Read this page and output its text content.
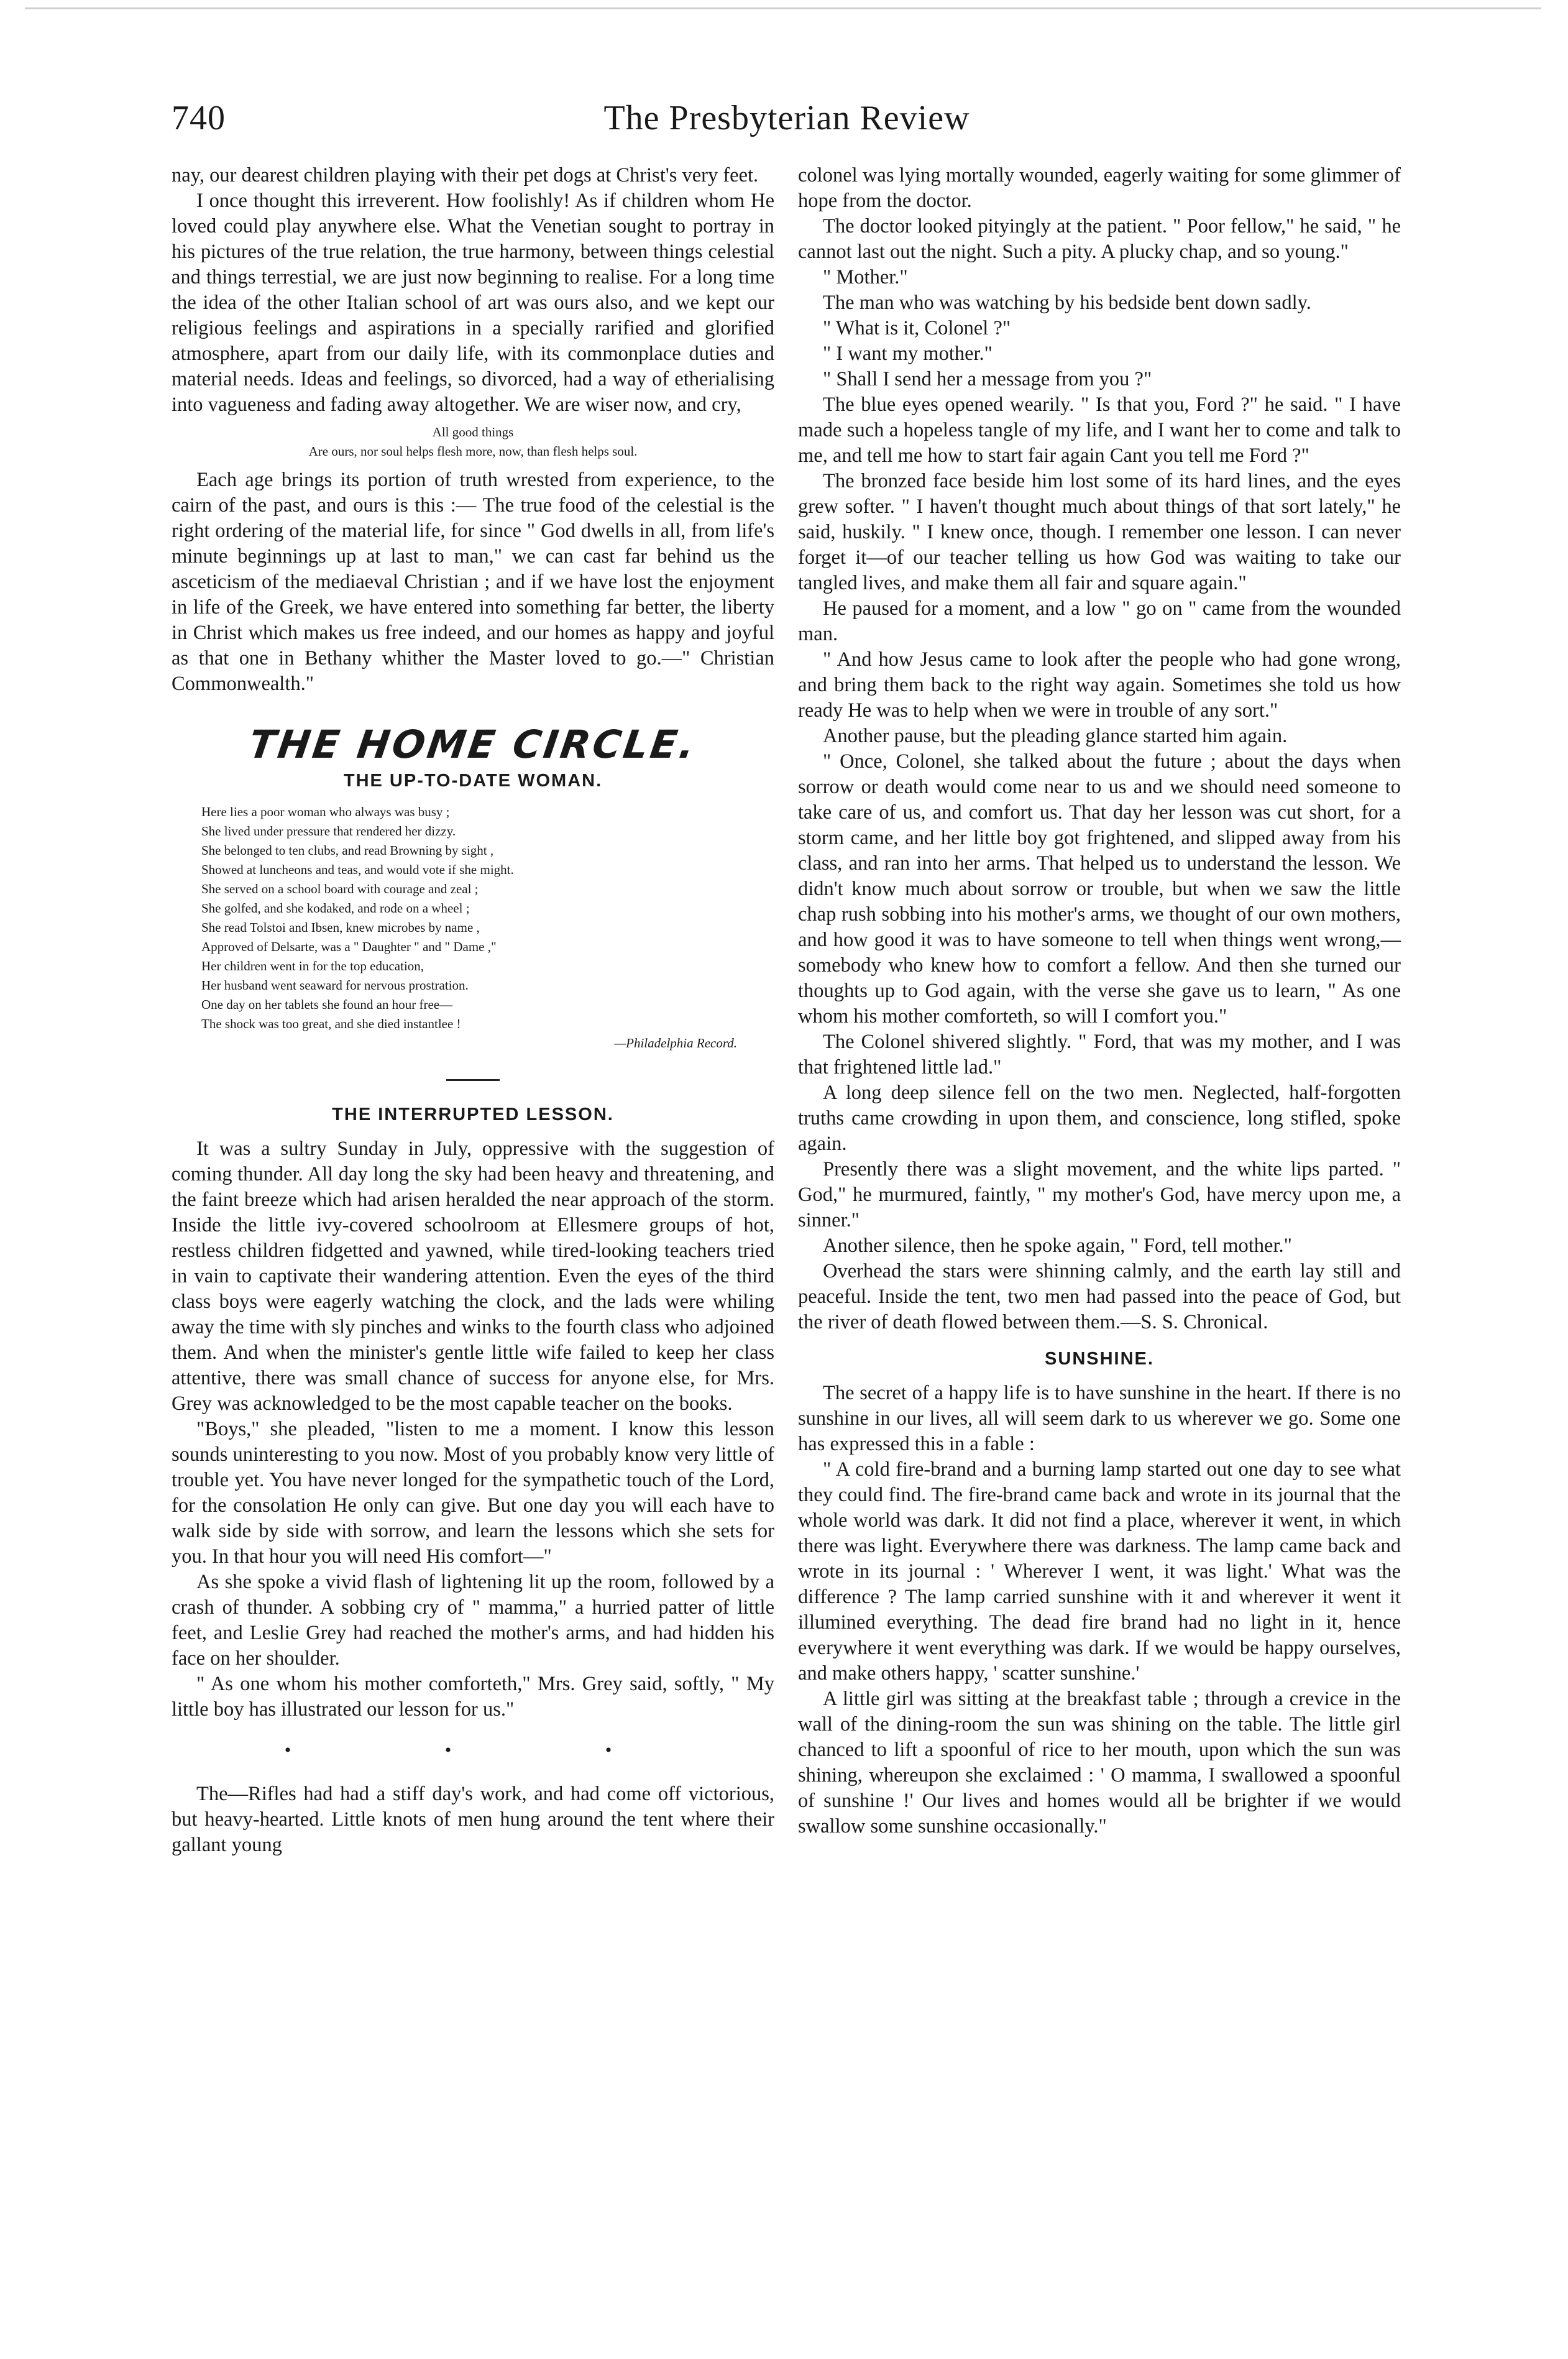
740	The Presbyterian Review

nay, our dearest children playing with their pet dogs at Christ's very feet.

I once thought this irreverent. How foolishly! As if children whom He loved could play anywhere else. What the Venetian sought to portray in his pictures of the true relation, the true harmony, between things celestial and things terrestial, we are just now beginning to realise. For a long time the idea of the other Italian school of art was ours also, and we kept our religious feelings and aspirations in a specially rarified and glorified atmosphere, apart from our daily life, with its commonplace duties and material needs. Ideas and feelings, so divorced, had a way of etherialising into vagueness and fading away altogether. We are wiser now, and cry,

All good things
Are ours, nor soul helps flesh more, now, than flesh helps soul.

Each age brings its portion of truth wrested from experience, to the cairn of the past, and ours is this :— The true food of the celestial is the right ordering of the material life, for since " God dwells in all, from life's minute beginnings up at last to man," we can cast far behind us the asceticism of the mediaeval Christian ; and if we have lost the enjoyment in life of the Greek, we have entered into something far better, the liberty in Christ which makes us free indeed, and our homes as happy and joyful as that one in Bethany whither the Master loved to go.—" Christian Commonwealth."

THE HOME CIRCLE.
THE UP-TO-DATE WOMAN.
Here lies a poor woman who always was busy ;
She lived under pressure that rendered her dizzy.
She belonged to ten clubs, and read Browning by sight ,
Showed at luncheons and teas, and would vote if she might.
She served on a school board with courage and zeal ;
She golfed, and she kodaked, and rode on a wheel ;
She read Tolstoi and Ibsen, knew microbes by name ,
Approved of Delsarte, was a " Daughter " and " Dame ,"
Her children went in for the top education,
Her husband went seaward for nervous prostration.
One day on her tablets she found an hour free—
The shock was too great, and she died instantlee !
—Philadelphia Record.
THE INTERRUPTED LESSON.

It was a sultry Sunday in July, oppressive with the suggestion of coming thunder. All day long the sky had been heavy and threatening, and the faint breeze which had arisen heralded the near approach of the storm. Inside the little ivy-covered schoolroom at Ellesmere groups of hot, restless children fidgetted and yawned, while tired-looking teachers tried in vain to captivate their wandering attention. Even the eyes of the third class boys were eagerly watching the clock, and the lads were whiling away the time with sly pinches and winks to the fourth class who adjoined them. And when the minister's gentle little wife failed to keep her class attentive, there was small chance of success for anyone else, for Mrs. Grey was acknowledged to be the most capable teacher on the books.

"Boys," she pleaded, "listen to me a moment. I know this lesson sounds uninteresting to you now. Most of you probably know very little of trouble yet. You have never longed for the sympathetic touch of the Lord, for the consolation He only can give. But one day you will each have to walk side by side with sorrow, and learn the lessons which she sets for you. In that hour you will need His comfort—"

As she spoke a vivid flash of lightening lit up the room, followed by a crash of thunder. A sobbing cry of " mamma," a hurried patter of little feet, and Leslie Grey had reached the mother's arms, and had hidden his face on her shoulder.

" As one whom his mother comforteth," Mrs. Grey said, softly, " My little boy has illustrated our lesson for us."

• • •

The—Rifles had had a stiff day's work, and had come off victorious, but heavy-hearted. Little knots of men hung around the tent where their gallant young

colonel was lying mortally wounded, eagerly waiting for some glimmer of hope from the doctor.

The doctor looked pityingly at the patient. " Poor fellow," he said, " he cannot last out the night. Such a pity. A plucky chap, and so young."

" Mother."

The man who was watching by his bedside bent down sadly.

" What is it, Colonel ?"

" I want my mother."

" Shall I send her a message from you ?"

The blue eyes opened wearily. " Is that you, Ford ?" he said. " I have made such a hopeless tangle of my life, and I want her to come and talk to me, and tell me how to start fair again Cant you tell me Ford ?"

The bronzed face beside him lost some of its hard lines, and the eyes grew softer. " I haven't thought much about things of that sort lately," he said, huskily. " I knew once, though. I remember one lesson. I can never forget it—of our teacher telling us how God was waiting to take our tangled lives, and make them all fair and square again."

He paused for a moment, and a low " go on " came from the wounded man.

" And how Jesus came to look after the people who had gone wrong, and bring them back to the right way again. Sometimes she told us how ready He was to help when we were in trouble of any sort."

Another pause, but the pleading glance started him again.

" Once, Colonel, she talked about the future ; about the days when sorrow or death would come near to us and we should need someone to take care of us, and comfort us. That day her lesson was cut short, for a storm came, and her little boy got frightened, and slipped away from his class, and ran into her arms. That helped us to understand the lesson. We didn't know much about sorrow or trouble, but when we saw the little chap rush sobbing into his mother's arms, we thought of our own mothers, and how good it was to have someone to tell when things went wrong,—somebody who knew how to comfort a fellow. And then she turned our thoughts up to God again, with the verse she gave us to learn, " As one whom his mother comforteth, so will I comfort you."

The Colonel shivered slightly. " Ford, that was my mother, and I was that frightened little lad."

A long deep silence fell on the two men. Neglected, half-forgotten truths came crowding in upon them, and conscience, long stifled, spoke again.

Presently there was a slight movement, and the white lips parted. " God," he murmured, faintly, " my mother's God, have mercy upon me, a sinner."

Another silence, then he spoke again, " Ford, tell mother."

Overhead the stars were shinning calmly, and the earth lay still and peaceful. Inside the tent, two men had passed into the peace of God, but the river of death flowed between them.—S. S. Chronical.

SUNSHINE.

The secret of a happy life is to have sunshine in the heart. If there is no sunshine in our lives, all will seem dark to us wherever we go. Some one has expressed this in a fable :

" A cold fire-brand and a burning lamp started out one day to see what they could find. The fire-brand came back and wrote in its journal that the whole world was dark. It did not find a place, wherever it went, in which there was light. Everywhere there was darkness. The lamp came back and wrote in its journal : ' Wherever I went, it was light.' What was the difference ? The lamp carried sunshine with it and wherever it went it illumined everything. The dead fire brand had no light in it, hence everywhere it went everything was dark. If we would be happy ourselves, and make others happy, ' scatter sunshine.'

A little girl was sitting at the breakfast table ; through a crevice in the wall of the dining-room the sun was shining on the table. The little girl chanced to lift a spoonful of rice to her mouth, upon which the sun was shining, whereupon she exclaimed : ' O mamma, I swallowed a spoonful of sunshine !' Our lives and homes would all be brighter if we would swallow some sunshine occasionally."
